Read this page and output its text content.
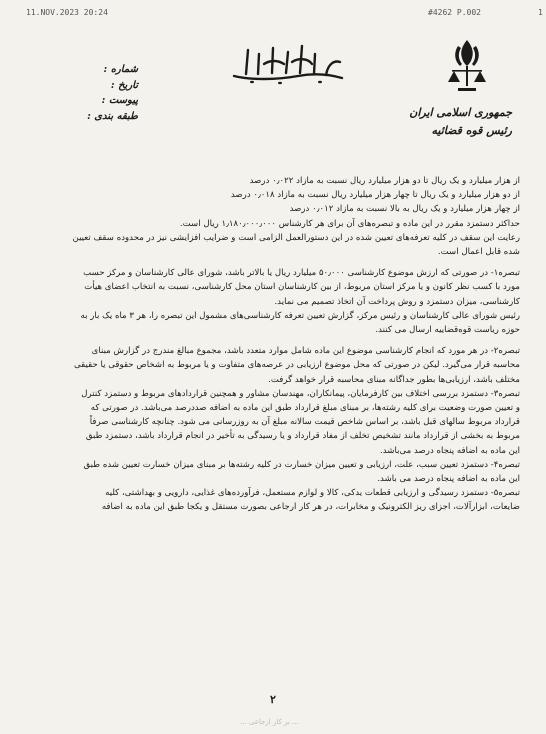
11.NOV.2023 20:24	#4262 P.002	1
جمهوری اسلامی ایران
رئیس قوه قضائیه
شماره :
تاریخ :
پیوست :
طبقه بندی :
از هزار میلیارد و یک ریال تا دو هزار میلیارد ریال نسبت به مازاد ۰٫۰۲۲ درصد
از دو هزار میلیارد و یک ریال تا چهار هزار میلیارد ریال نسبت به مازاد ۰٫۰۱۸ درصد
از چهار هزار میلیارد و یک ریال به بالا نسبت به مازاد ۰٫۰۱۲ درصد
حداکثر دستمزد مقرر در این ماده و تبصره‌های آن برای هر کارشناس ۱٫۱۸۰٫۰۰۰٫۰۰۰ ریال است.
رعایت این سقف در کلیه تعرفه‌های تعیین شده در این دستورالعمل الزامی است و ضرایب افزایشی نیز در محدوده سقف تعیین
شده قابل اعمال است.
تبصره۱- در صورتی که ارزش موضوع کارشناسی ۵۰٫۰۰۰ میلیارد ریال یا بالاتر باشد، شورای عالی کارشناسان و مرکز حسب
مورد با کسب نظر کانون و یا مرکز استان مربوط، از بین کارشناسان استان محل کارشناسی، نسبت به انتخاب اعضای هیأت
کارشناسی، میزان دستمزد و روش پرداخت آن اتخاذ تصمیم می نماید.
رئیس شورای عالی کارشناسان و رئیس مرکز، گزارش تعیین تعرفه کارشناسی‌های مشمول این تبصره را، هر ۳ ماه یک بار به
حوزه ریاست قوه‌قضاییه ارسال می کنند.
تبصره۲- در هر مورد که انجام کارشناسی موضوع این ماده شامل موارد متعدد باشد، مجموع مبالغ مندرج در گزارش مبنای
محاسبه قرار می‌گیرد. لیکن در صورتی که محل موضوع ارزیابی در عرصه‌های متفاوت و یا مربوط به اشخاص حقوقی یا حقیقی
مختلف باشد، ارزیابی‌ها بطور جداگانه مبنای محاسبه قرار خواهد گرفت.
تبصره۳- دستمزد بررسی اختلاف بین کارفرمایان، پیمانکاران، مهندسان مشاور و همچنین قراردادهای مربوط و دستمزد کنترل
و تعیین صورت وضعیت برای کلیه رشته‌ها، بر مبنای مبلغ قرارداد طبق این ماده به اضافه صددرصد می‌باشد. در صورتی که
قرارداد مربوط سالهای قبل باشد، بر اساس شاخص قیمت سالانه مبلغ آن به روزرسانی می شود. چنانچه کارشناسی صرفاً
مربوط به بخشی از قرارداد مانند تشخیص تخلف از مفاد قرارداد و یا رسیدگی به تأخیر در انجام قرارداد باشد، دستمزد طبق
این ماده به اضافه پنجاه درصد می‌باشد.
تبصره۴- دستمزد تعیین سبب، علت، ارزیابی و تعیین میزان خسارت در کلیه رشته‌ها بر مبنای میزان خسارت تعیین شده طبق
این ماده به اضافه پنجاه درصد می باشد.
تبصره۵- دستمزد رسیدگی و ارزیابی قطعات یدکی، کالا و لوازم مستعمل، فرآورده‌های غذایی، دارویی و بهداشتی، کلیه
ضایعات، ابزارآلات، اجزای ریز الکترونیک و مخابرات، در هر کار ارجاعی بصورت مستقل و یکجا طبق این ماده به اضافه
۲
... بر کار ارجاعی ...
